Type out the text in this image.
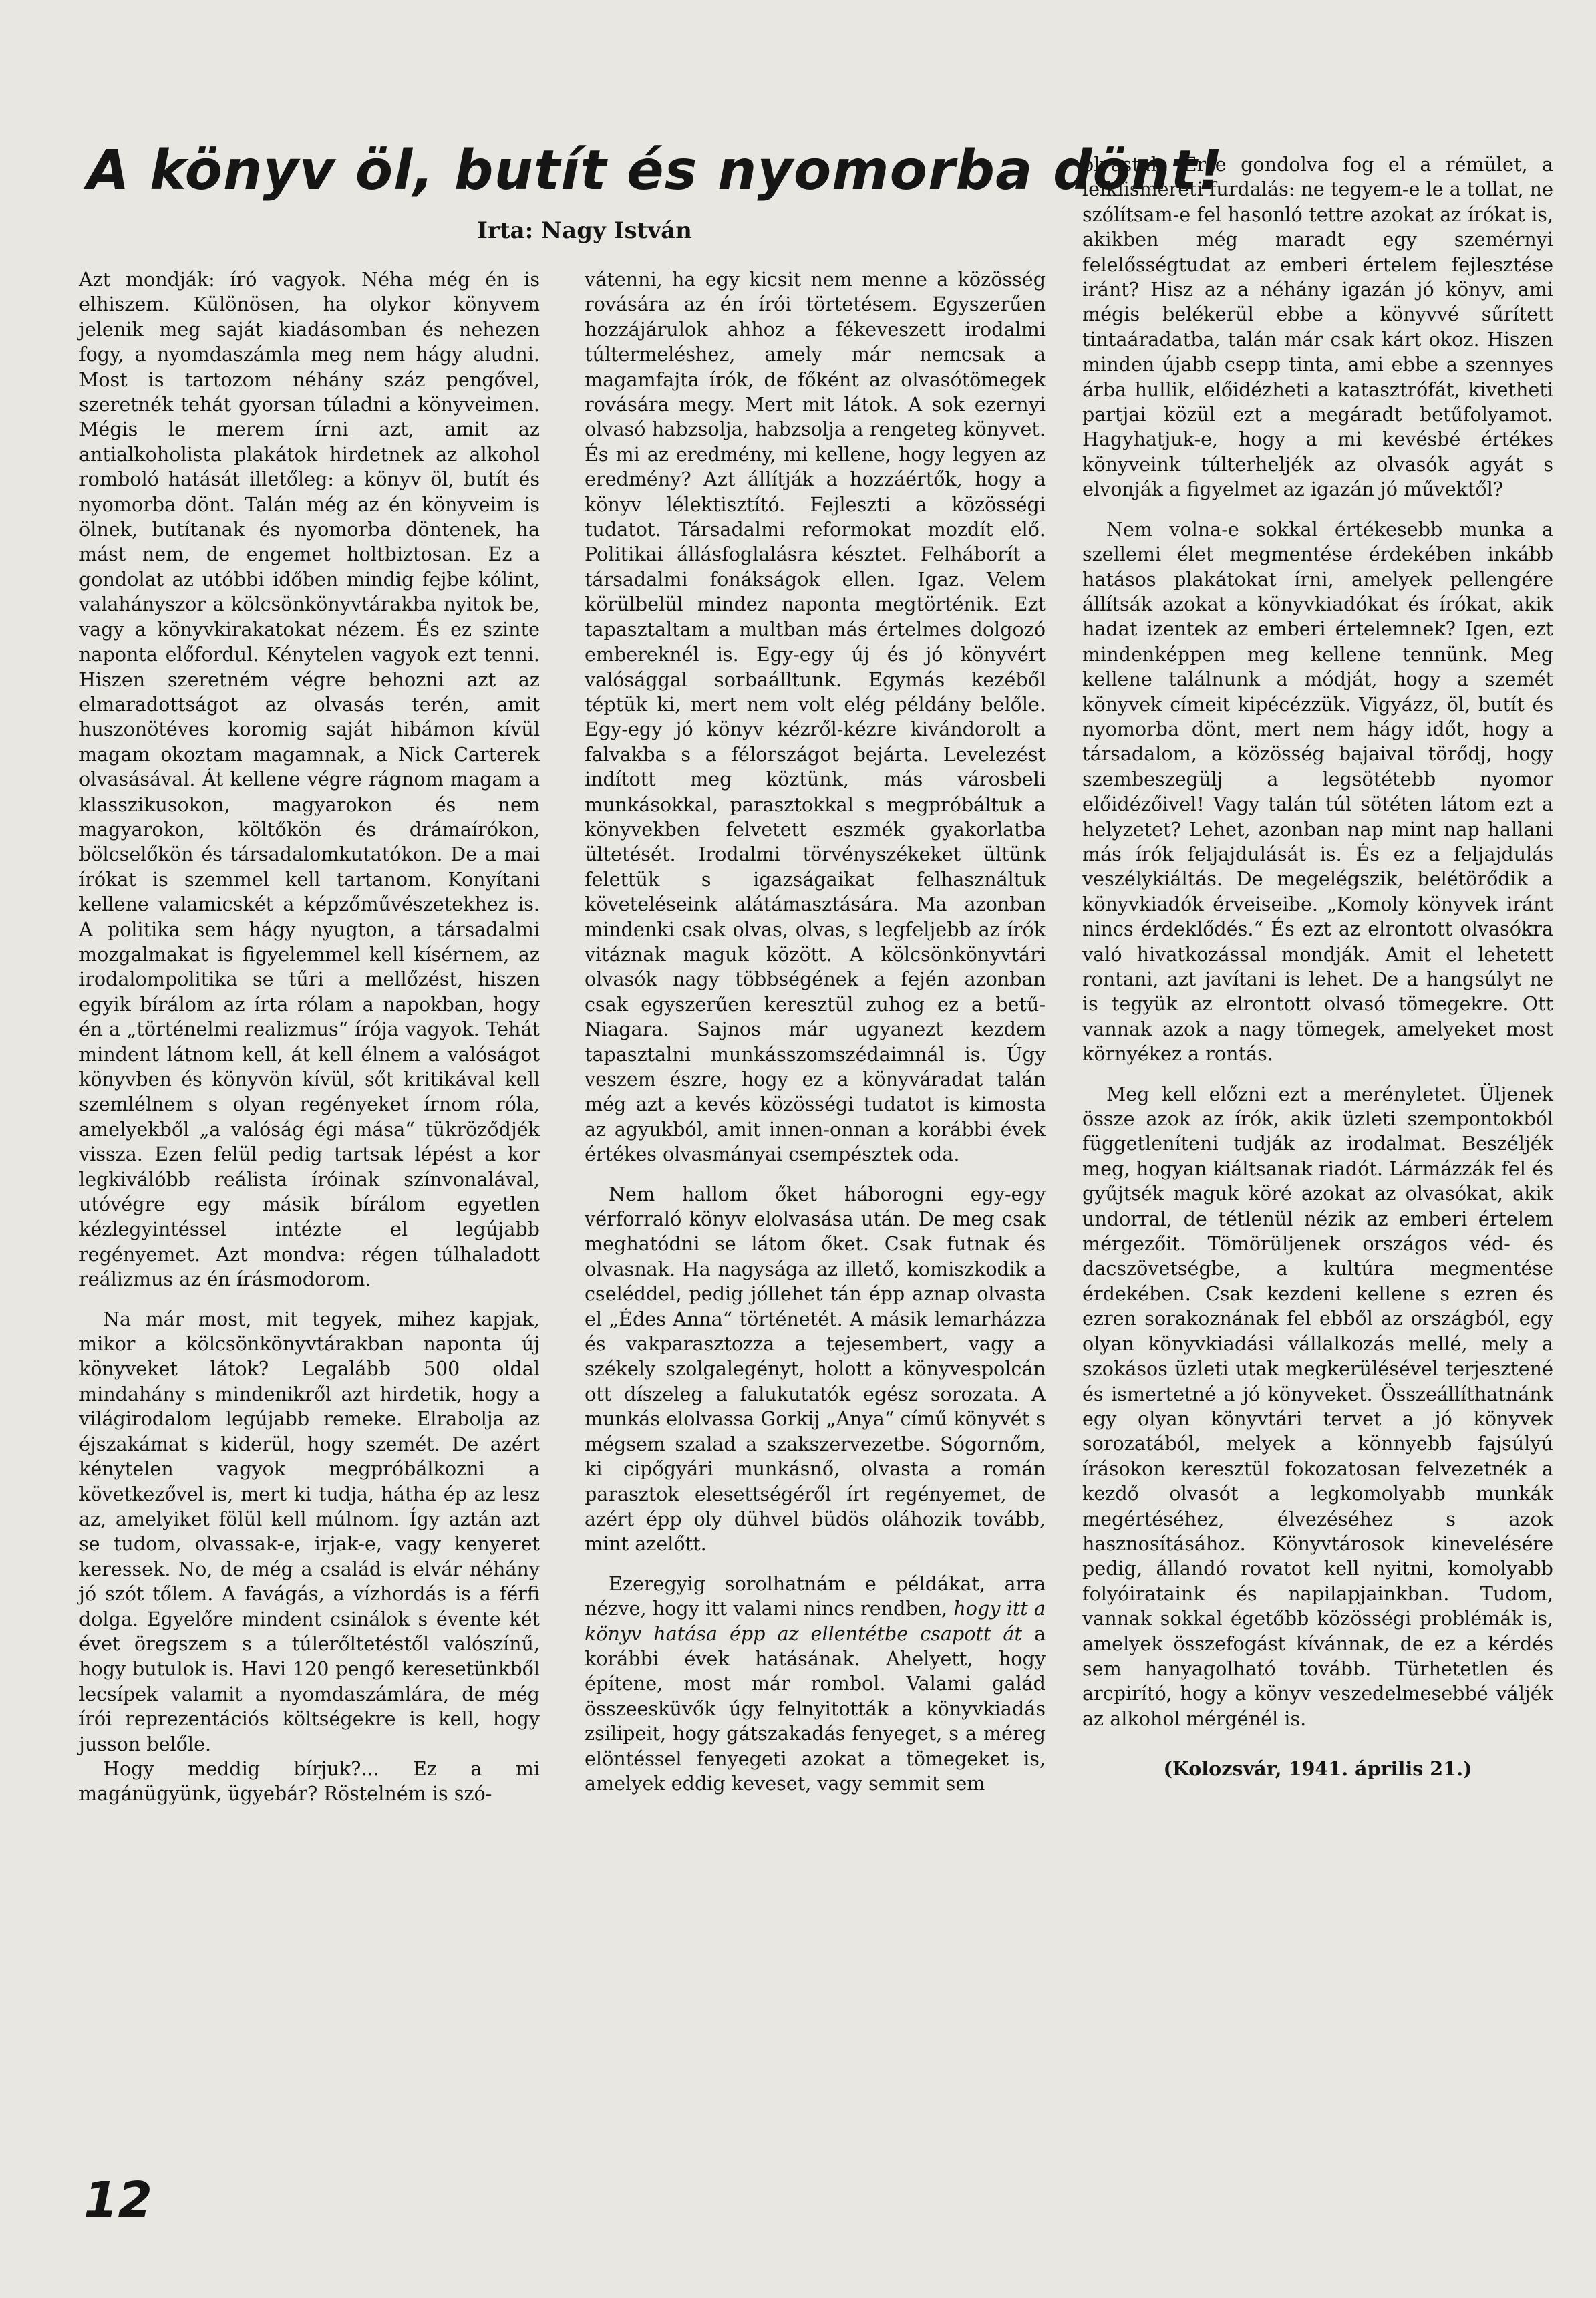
A könyv öl, butít és nyomorba dönt!
Irta: Nagy István

Azt mondják: író vagyok. Néha még én is elhiszem. Különösen, ha olykor könyvem jelenik meg saját kiadásomban és nehezen fogy, a nyomdaszámla meg nem hágy aludni. Most is tartozom néhány száz pengővel, szeretnék tehát gyorsan túladni a könyveimen. Mégis le merem írni azt, amit az antialkoholista plakátok hirdetnek az alkohol romboló hatását illetőleg: a könyv öl, butít és nyomorba dönt. Talán még az én könyveim is ölnek, butítanak és nyomorba döntenek, ha mást nem, de engemet holtbiztosan. Ez a gondolat az utóbbi időben mindig fejbe kólint, valahányszor a kölcsönkönyvtárakba nyitok be, vagy a könyvkirakatokat nézem. És ez szinte naponta előfordul. Kénytelen vagyok ezt tenni. Hiszen szeretném végre behozni azt az elmaradottságot az olvasás terén, amit huszonötéves koromig saját hibámon kívül magam okoztam magamnak, a Nick Carterek olvasásával. Át kellene végre rágnom magam a klasszikusokon, magyarokon és nem magyarokon, költőkön és drámaírókon, bölcselőkön és társadalomkutatókon. De a mai írókat is szemmel kell tartanom. Konyítani kellene valamicskét a képzőművészetekhez is. A politika sem hágy nyugton, a társadalmi mozgalmakat is figyelemmel kell kísérnem, az irodalompolitika se tűri a mellőzést, hiszen egyik bírálom az írta rólam a napokban, hogy én a „történelmi realizmus“ írója vagyok. Tehát mindent látnom kell, át kell élnem a valóságot könyvben és könyvön kívül, sőt kritikával kell szemlélnem s olyan regényeket írnom róla, amelyekből „a valóság égi mása“ tükröződjék vissza. Ezen felül pedig tartsak lépést a kor legkiválóbb reálista íróinak színvonalával, utóvégre egy másik bírálom egyetlen kézlegyintéssel intézte el legújabb regényemet. Azt mondva: régen túlhaladott reálizmus az én írásmodorom.

Na már most, mit tegyek, mihez kapjak, mikor a kölcsönkönyvtárakban naponta új könyveket látok? Legalább 500 oldal mindahány s mindenikről azt hirdetik, hogy a világirodalom legújabb remeke. Elrabolja az éjszakámat s kiderül, hogy szemét. De azért kénytelen vagyok megpróbálkozni a következővel is, mert ki tudja, hátha ép az lesz az, amelyiket fölül kell múlnom. Így aztán azt se tudom, olvassak-e, irjak-e, vagy kenyeret keressek. No, de még a család is elvár néhány jó szót tőlem. A favágás, a vízhordás is a férfi dolga. Egyelőre mindent csinálok s évente két évet öregszem s a túlerőltetéstől valószínű, hogy butulok is. Havi 120 pengő keresetünkből lecsípek valamit a nyomdaszámlára, de még írói reprezentációs költségekre is kell, hogy jusson belőle.

Hogy meddig bírjuk?... Ez a mi magánügyünk, ügyebár? Röstelném is szó-

vátenni, ha egy kicsit nem menne a közösség rovására az én írói törtetésem. Egyszerűen hozzájárulok ahhoz a fékeveszett irodalmi túltermeléshez, amely már nemcsak a magamfajta írók, de főként az olvasótömegek rovására megy. Mert mit látok. A sok ezernyi olvasó habzsolja, habzsolja a rengeteg könyvet. És mi az eredmény, mi kellene, hogy legyen az eredmény? Azt állítják a hozzáértők, hogy a könyv lélektisztító. Fejleszti a közösségi tudatot. Társadalmi reformokat mozdít elő. Politikai állásfoglalásra késztet. Felháborít a társadalmi fonákságok ellen. Igaz. Velem körülbelül mindez naponta megtörténik. Ezt tapasztaltam a multban más értelmes dolgozó embereknél is. Egy-egy új és jó könyvért valósággal sorbaálltunk. Egymás kezéből téptük ki, mert nem volt elég példány belőle. Egy-egy jó könyv kézről-kézre kivándorolt a falvakba s a félországot bejárta. Levelezést indított meg köztünk, más városbeli munkásokkal, parasztokkal s megpróbáltuk a könyvekben felvetett eszmék gyakorlatba ültetését. Irodalmi törvényszékeket ültünk felettük s igazságaikat felhasználtuk követeléseink alátámasztására. Ma azonban mindenki csak olvas, olvas, s legfeljebb az írók vitáznak maguk között. A kölcsönkönyvtári olvasók nagy többségének a fején azonban csak egyszerűen keresztül zuhog ez a betű-Niagara. Sajnos már ugyanezt kezdem tapasztalni munkásszomszédaimnál is. Úgy veszem észre, hogy ez a könyváradat talán még azt a kevés közösségi tudatot is kimosta az agyukból, amit innen-onnan a korábbi évek értékes olvasmányai csempésztek oda.

Nem hallom őket háborogni egy-egy vérforraló könyv elolvasása után. De meg csak meghatódni se látom őket. Csak futnak és olvasnak. Ha nagysága az illető, komiszkodik a cseléddel, pedig jóllehet tán épp aznap olvasta el „Édes Anna“ történetét. A másik lemarházza és vakparasztozza a tejesembert, vagy a székely szolgalegényt, holott a könyvespolcán ott díszeleg a falukutatók egész sorozata. A munkás elolvassa Gorkij „Anya“ című könyvét s mégsem szalad a szakszervezetbe. Sógornőm, ki cipőgyári munkásnő, olvasta a román parasztok elesettségéről írt regényemet, de azért épp oly dühvel büdös oláhozik tovább, mint azelőtt.

Ezeregyig sorolhatnám e példákat, arra nézve, hogy itt valami nincs rendben, hogy itt a könyv hatása épp az ellentétbe csapott át a korábbi évek hatásának. Ahelyett, hogy építene, most már rombol. Valami galád összeesküvők úgy felnyitották a könyvkiadás zsilipeit, hogy gátszakadás fenyeget, s a méreg elöntéssel fenyegeti azokat a tömegeket is, amelyek eddig keveset, vagy semmit sem

olvastak. Erre gondolva fog el a rémület, a lelkiismereti furdalás: ne tegyem-e le a tollat, ne szólítsam-e fel hasonló tettre azokat az írókat is, akikben még maradt egy szemérnyi felelősségtudat az emberi értelem fejlesztése iránt? Hisz az a néhány igazán jó könyv, ami mégis belékerül ebbe a könyvvé sűrített tintaáradatba, talán már csak kárt okoz. Hiszen minden újabb csepp tinta, ami ebbe a szennyes árba hullik, előidézheti a katasztrófát, kivetheti partjai közül ezt a megáradt betűfolyamot. Hagyhatjuk-e, hogy a mi kevésbé értékes könyveink túlterheljék az olvasók agyát s elvonják a figyelmet az igazán jó művektől?

Nem volna-e sokkal értékesebb munka a szellemi élet megmentése érdekében inkább hatásos plakátokat írni, amelyek pellengére állítsák azokat a könyvkiadókat és írókat, akik hadat izentek az emberi értelemnek? Igen, ezt mindenképpen meg kellene tennünk. Meg kellene találnunk a módját, hogy a szemét könyvek címeit kipécézzük. Vigyázz, öl, butít és nyomorba dönt, mert nem hágy időt, hogy a társadalom, a közösség bajaival törődj, hogy szembeszegülj a legsötétebb nyomor előidézőivel! Vagy talán túl sötéten látom ezt a helyzetet? Lehet, azonban nap mint nap hallani más írók feljajdulását is. És ez a feljajdulás veszélykiáltás. De megelégszik, belétörődik a könyvkiadók érveiseibe. „Komoly könyvek iránt nincs érdeklődés.“ És ezt az elrontott olvasókra való hivatkozással mondják. Amit el lehetett rontani, azt javítani is lehet. De a hangsúlyt ne is tegyük az elrontott olvasó tömegekre. Ott vannak azok a nagy tömegek, amelyeket most környékez a rontás.

Meg kell előzni ezt a merényletet. Üljenek össze azok az írók, akik üzleti szempontokból függetleníteni tudják az irodalmat. Beszéljék meg, hogyan kiáltsanak riadót. Lármázzák fel és gyűjtsék maguk köré azokat az olvasókat, akik undorral, de tétlenül nézik az emberi értelem mérgezőit. Tömörüljenek országos véd- és dacszövetségbe, a kultúra megmentése érdekében. Csak kezdeni kellene s ezren és ezren sorakoznának fel ebből az országból, egy olyan könyvkiadási vállalkozás mellé, mely a szokásos üzleti utak megkerülésével terjesztené és ismertetné a jó könyveket. Összeállíthatnánk egy olyan könyvtári tervet a jó könyvek sorozatából, melyek a könnyebb fajsúlyú írásokon keresztül fokozatosan felvezetnék a kezdő olvasót a legkomolyabb munkák megértéséhez, élvezéséhez s azok hasznosításához. Könyvtárosok kinevelésére pedig, állandó rovatot kell nyitni, komolyabb folyóirataink és napilapjainkban. Tudom, vannak sokkal égetőbb közösségi problémák is, amelyek összefogást kívánnak, de ez a kérdés sem hanyagolható tovább. Türhetetlen és arcpirító, hogy a könyv veszedelmesebbé váljék az alkohol mérgénél is.

(Kolozsvár, 1941. április 21.)

12
